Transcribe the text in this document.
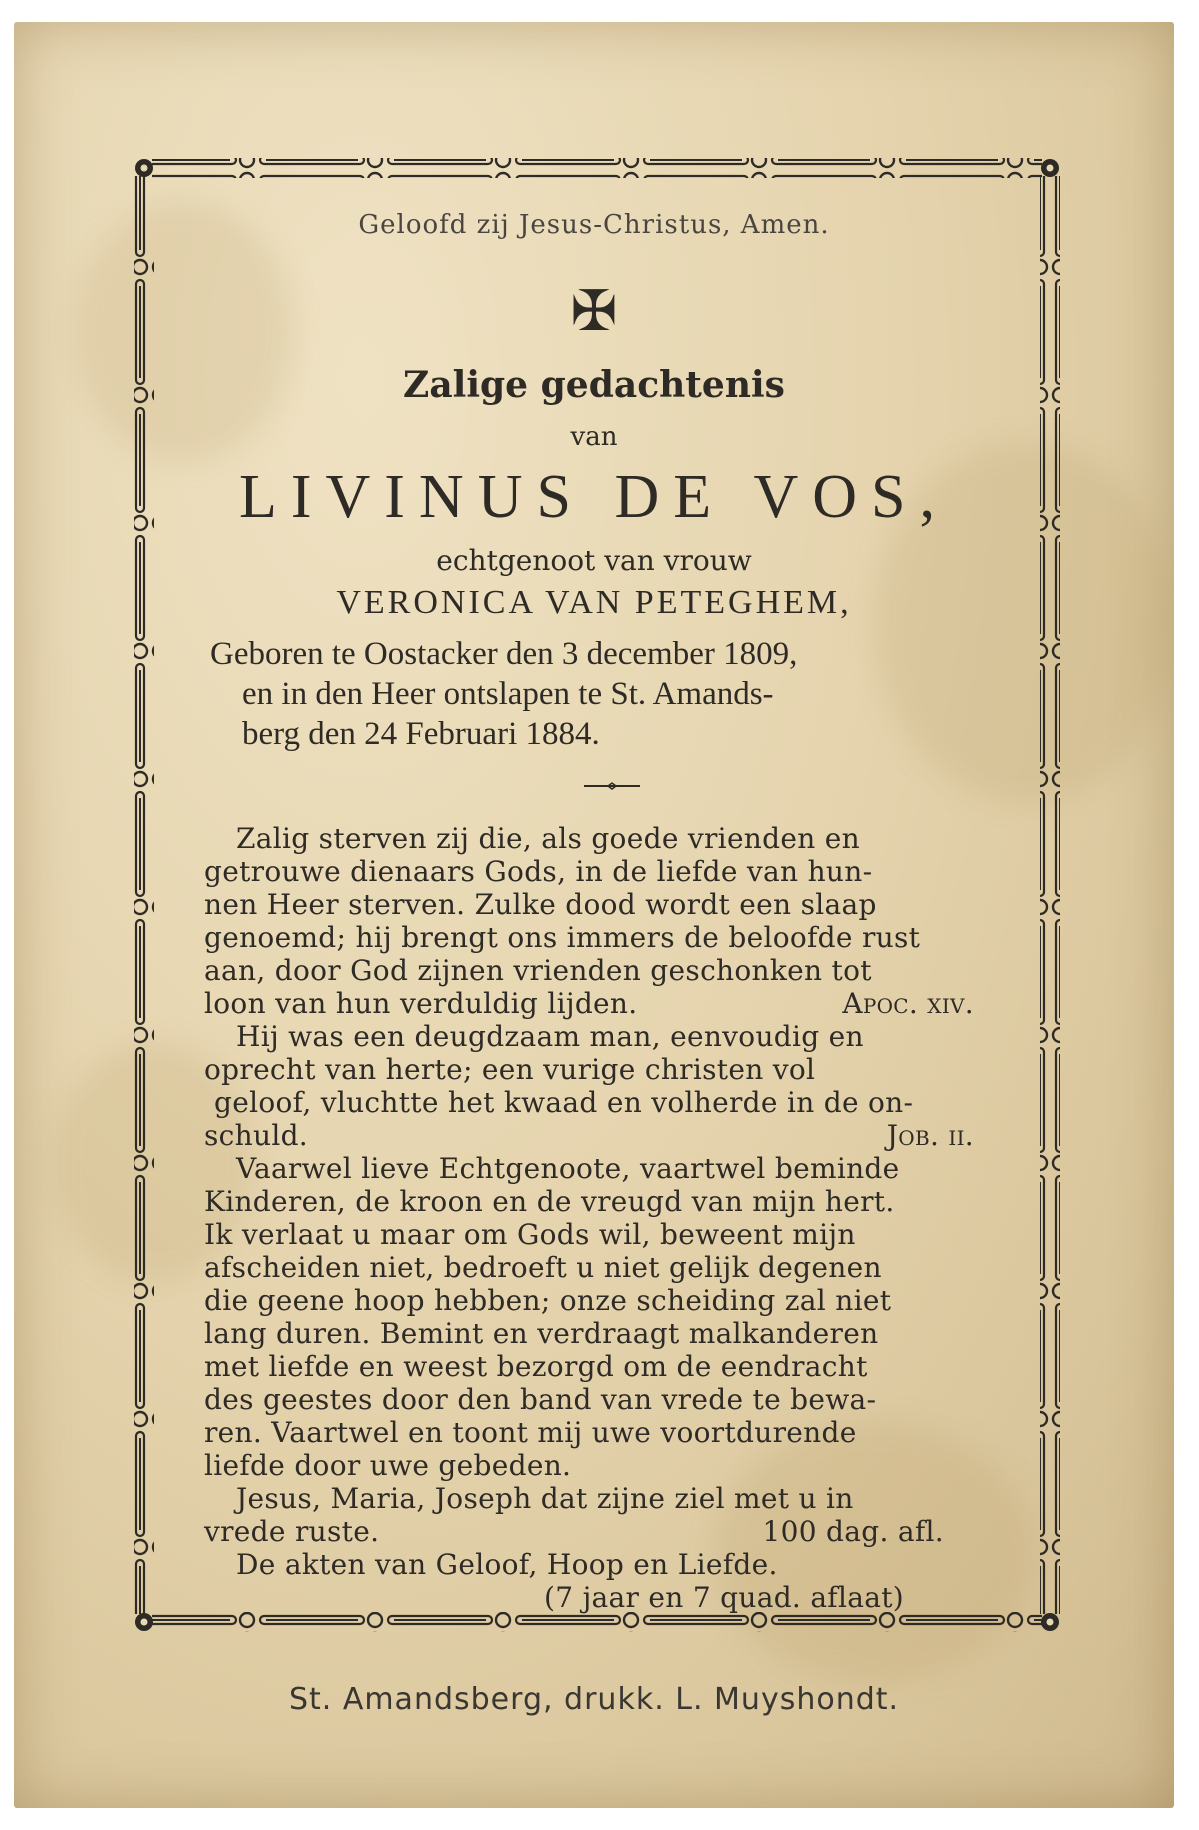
Geloofd zij Jesus-Christus, Amen.
✠
Zalige gedachtenis
van
LIVINUS DE VOS,
echtgenoot van vrouw
VERONICA VAN PETEGHEM,
Geboren te Oostacker den 3 december 1809,
en in den Heer ontslapen te St. Amands-
berg den 24 Februari 1884.
Zalig sterven zij die, als goede vrienden en
getrouwe dienaars Gods, in de liefde van hun-
nen Heer sterven. Zulke dood wordt een slaap
genoemd; hij brengt ons immers de beloofde rust
aan, door God zijnen vrienden geschonken tot
loon van hun verduldig lijden.	Apoc. xiv.
Hij was een deugdzaam man, eenvoudig en
oprecht van herte; een vurige christen vol
geloof, vluchtte het kwaad en volherde in de on-
schuld.	Job. ii.
Vaarwel lieve Echtgenoote, vaartwel beminde
Kinderen, de kroon en de vreugd van mijn hert.
Ik verlaat u maar om Gods wil, beweent mijn
afscheiden niet, bedroeft u niet gelijk degenen
die geene hoop hebben; onze scheiding zal niet
lang duren. Bemint en verdraagt malkanderen
met liefde en weest bezorgd om de eendracht
des geestes door den band van vrede te bewa-
ren. Vaartwel en toont mij uwe voortdurende
liefde door uwe gebeden.
Jesus, Maria, Joseph dat zijne ziel met u in
vrede ruste.	100 dag. afl.
De akten van Geloof, Hoop en Liefde.
(7 jaar en 7 quad. aflaat)
St. Amandsberg, drukk. L. Muyshondt.
